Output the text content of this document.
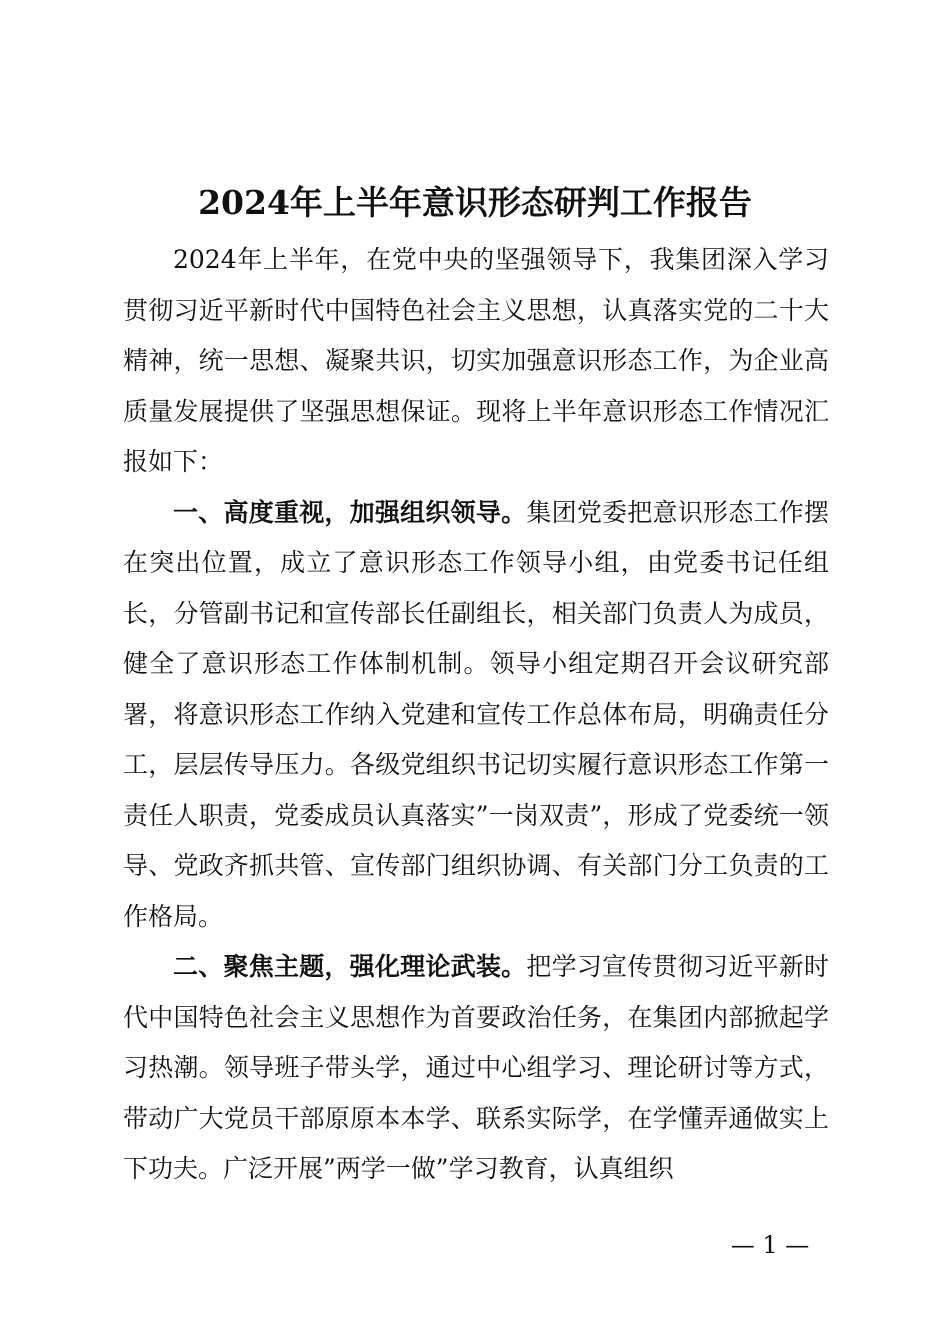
2024年上半年意识形态研判工作报告

2024年上半年，在党中央的坚强领导下，我集团深入学习贯彻习近平新时代中国特色社会主义思想，认真落实党的二十大精神，统一思想、凝聚共识，切实加强意识形态工作，为企业高质量发展提供了坚强思想保证。现将上半年意识形态工作情况汇报如下：

一、高度重视，加强组织领导。集团党委把意识形态工作摆在突出位置，成立了意识形态工作领导小组，由党委书记任组长，分管副书记和宣传部长任副组长，相关部门负责人为成员，健全了意识形态工作体制机制。领导小组定期召开会议研究部署，将意识形态工作纳入党建和宣传工作总体布局，明确责任分工，层层传导压力。各级党组织书记切实履行意识形态工作第一责任人职责，党委成员认真落实”一岗双责”，形成了党委统一领导、党政齐抓共管、宣传部门组织协调、有关部门分工负责的工作格局。

二、聚焦主题，强化理论武装。把学习宣传贯彻习近平新时代中国特色社会主义思想作为首要政治任务，在集团内部掀起学习热潮。领导班子带头学，通过中心组学习、理论研讨等方式，带动广大党员干部原原本本学、联系实际学，在学懂弄通做实上下功夫。广泛开展”两学一做”学习教育，认真组织

— 1 —
